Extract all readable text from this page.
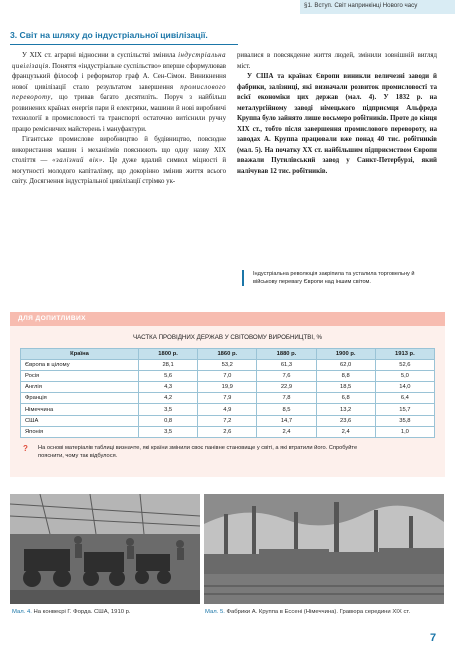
§1. Вступ. Світ напринкінці Нового часу
3. Світ на шляху до індустріальної цивілізації.

У XIX ст. аграрні відносини в суспільстві змінила індустріальна цивілізація. Поняття «індустріальне суспільство» вперше сформулював французький філософ і реформатор граф А. Сен-Сімон. Виникнення нової цивілізації стало результатом завершення промислового перевороту, що тривав багато десятиліть. Поруч з найбільш розвинених країнах енергія пари й електрики, машини й нові виробничі технології в промисловості та транспорті остаточно витіснили ручну працю ремісничих майстерень і мануфактури.

Гігантське промислове виробництво й будівництво, повсюдне використання машин і механізмів пояснюють що одну назву XIX століття — «залізний вік». Це дуже вдалий символ міцності й могутності молодого капіталізму, що докорінно змінив життя всього світу. Досягнення індустріальної цивілізації стрімко ук-

ривалися в повсякденне життя людей, змінили зовнішній вигляд міст.

У США та країнах Європи виникли величезні заводи й фабрики, залізниці, які визначали розвиток промисловості та всієї економіки цих держав (мал. 4). У 1832 р. на металургійному заводі німецького підприємця Альфреда Круппа було зайнято лише восьмеро робітників. Проте до кінця XIX ст., тобто після завершення промислового перевороту, на заводах А. Круппа працювали вже понад 40 тис. робітників (мал. 5). На початку XX ст. найбільшим підприємством Європи вважали Путилівський завод у Санкт-Петербурзі, який налічував 12 тис. робітників.

Індустріальна революція закріпила та усталила торговельну й військову перевагу Європи над іншим світом.
ДЛЯ ДОПИТЛИВИХ
ЧАСТКА ПРОВІДНИХ ДЕРЖАВ У СВІТОВОМУ ВИРОБНИЦТВІ, %
Країна	1800 р.	1860 р.	1880 р.	1900 р.	1913 р.
Європа в цілому	28,1	53,2	61,3	62,0	52,6
Росія	5,6	7,0	7,6	8,8	5,0
Англія	4,3	19,9	22,9	18,5	14,0
Франція	4,2	7,9	7,8	6,8	6,4
Німеччина	3,5	4,9	8,5	13,2	15,7
США	0,8	7,2	14,7	23,6	35,8
Японія	3,5	2,6	2,4	2,4	1,0
? На основі матеріалів таблиці визначте, які країни змінили своє панівне становище у світі, а які втратили його. Спробуйте пояснити, чому так відбулося.
Мал. 4. На конвеєрі Г. Форда. США, 1910 р.	Мал. 5. Фабрики А. Круппа в Ессені (Німеччина). Гравюра середини XIX ст.
7
